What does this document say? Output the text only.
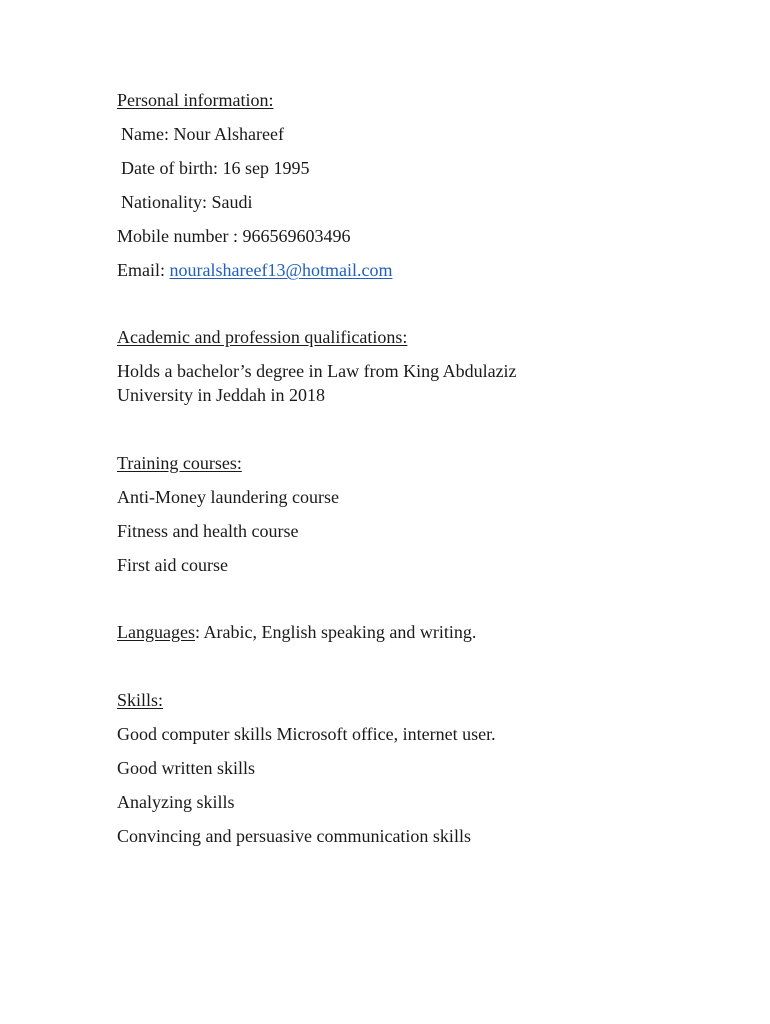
Personal information:
Name: Nour Alshareef
Date of birth: 16 sep 1995
Nationality: Saudi
Mobile number : 966569603496
Email: nouralshareef13@hotmail.com
Academic and profession qualifications:
Holds a bachelor’s degree in Law from King Abdulaziz
University in Jeddah in 2018
Training courses:
Anti-Money laundering course
Fitness and health course
First aid course
Languages: Arabic, English speaking and writing.
Skills:
Good computer skills Microsoft office, internet user.
Good written skills
Analyzing skills
Convincing and persuasive communication skills
